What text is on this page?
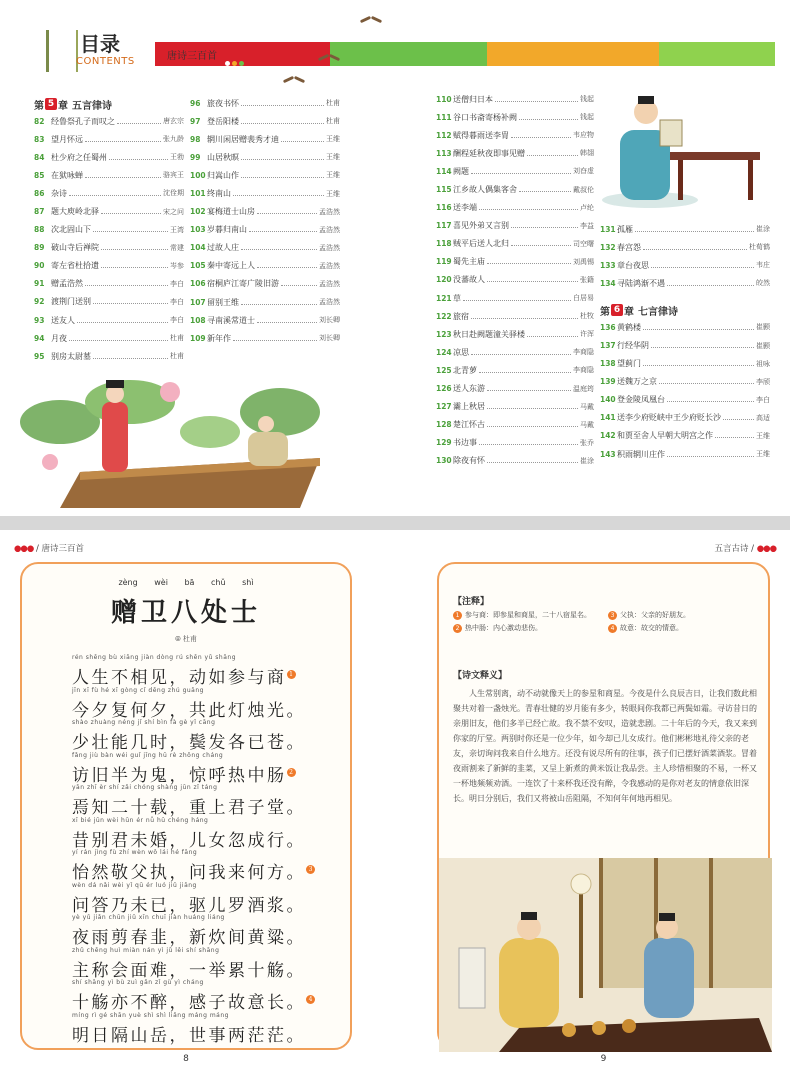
目录
CONTENTS	唐诗三百首
第 5 章 五言律诗
82 经鲁祭孔子而叹之	唐玄宗
83 望月怀远	张九龄
84 杜少府之任蜀州	王勃
85 在狱咏蝉	骆宾王
86 杂诗	沈佺期
87 题大庾岭北驿	宋之问
88 次北固山下	王湾
89 破山寺后禅院	常建
90 寄左省杜拾遗	岑参
91 赠孟浩然	李白
92 渡荆门送别	李白
93 送友人	李白
94 月夜	杜甫
95 别房太尉墓	杜甫
96 旅夜书怀	杜甫
97 登岳阳楼	杜甫
98 辋川闲居赠裴秀才迪	王维
99 山居秋暝	王维
100 归嵩山作	王维
101 终南山	王维
102 宴梅道士山房	孟浩然
103 岁暮归南山	孟浩然
104 过故人庄	孟浩然
105 秦中寄远上人	孟浩然
106 宿桐庐江寄广陵旧游	孟浩然
107 留别王维	孟浩然
108 寻南溪常道士	刘长卿
109 新年作	刘长卿
110 送僧归日本	钱起
111 谷口书斋寄杨补阙	钱起
112 赋得暮雨送李胄	韦应物
113 酬程延秋夜即事见赠	韩翃
114 阙题	刘昚虚
115 江乡故人偶集客舍	戴叔伦
116 送李端	卢纶
117 喜见外弟又言别	李益
118 贼平后送人北归	司空曙
119 蜀先主庙	刘禹锡
120 没蕃故人	张籍
121 草	白居易
122 旅宿	杜牧
123 秋日赴阙题潼关驿楼	许浑
124 凉思	李商隐
125 北青萝	李商隐
126 送人东游	温庭筠
127 灞上秋居	马戴
128 楚江怀古	马戴
129 书边事	张乔
130 除夜有怀	崔涂
131 孤雁	崔涂
132 春宫怨	杜荀鹤
133 章台夜思	韦庄
134 寻陆鸿渐不遇	皎然
第 6 章 七言律诗
136 黄鹤楼	崔颢
137 行经华阴	崔颢
138 望蓟门	祖咏
139 送魏万之京	李颀
140 登金陵凤凰台	李白
141 送李少府贬峡中王少府贬长沙	高适
142 和贾至舍人早朝大明宫之作	王维
143 积雨辋川庄作	王维
●●● / 唐诗三百首	五言古诗 / ●●●
zèng wèi bā chǔ shì
赠卫八处士
⦾ 杜甫
rén shēng bù xiāng jiàn dòng rú shēn yǔ shāng
人生不相见，动如参与商 1
jīn xī fù hé xī gòng cǐ dēng zhú guāng
今夕复何夕，共此灯烛光。
shào zhuàng néng jǐ shí bìn fà gè yǐ cāng
少壮能几时，鬓发各已苍。
fǎng jiù bàn wéi guǐ jīng hū rè zhōng cháng
访旧半为鬼，惊呼热中肠 2
yān zhī èr shí zǎi chóng shàng jūn zǐ táng
焉知二十载，重上君子堂。
xī bié jūn wèi hūn ér nǚ hū chéng háng
昔别君未婚，儿女忽成行。
yí rán jìng fù zhí wèn wǒ lái hé fāng
怡然敬父执，问我来何方。 3
wèn dá nǎi wèi yǐ qū ér luó jiǔ jiāng
问答乃未已，驱儿罗酒浆。
yè yǔ jiǎn chūn jiǔ xīn chuī jiàn huáng liáng
夜雨剪春韭，新炊间黄粱。
zhǔ chēng huì miàn nán yì jǔ lěi shí shāng
主称会面难，一举累十觞。
shí shāng yì bù zuì gǎn zǐ gù yì cháng
十觞亦不醉，感子故意长。 4
míng rì gé shān yuè shì shì liǎng máng máng
明日隔山岳，世事两茫茫。
8
【注释】
1 参与商：即参星和商星，二十八宿星名。	3 父执：父亲的好朋友。
2 热中肠：内心激动悲伤。	4 故意：故交的情意。
【诗文释义】
人生常别离，动不动就像天上的参星和商星。今夜是什么良辰吉日，让我们数此相聚共对着一盏烛光。青春壮健的岁月能有多少，转眼间你我都已两鬓如霜。寻访昔日的亲朋旧友，他们多半已经亡故。我不禁不安叹，造就悲剧。二十年后的今天，我又来到你家的厅堂。两别时你还是一位少年，如今却已儿女成行。他们彬彬地礼待父亲的老友，亲切询问我来自什么地方。还没有说尽所有的往事，孩子们已摆好酒菜酒浆。冒着夜雨割来了新鲜的韭菜，又呈上新煮的黄米饭让我品尝。主人珍惜相聚的不易，一杯又一杯地频频劝酒。一连饮了十来杯我还没有醉，令我感动的是你对老友的情意依旧深长。明日分别后，我们又将被山岳阻隔，不知何年何地再相见。
9
